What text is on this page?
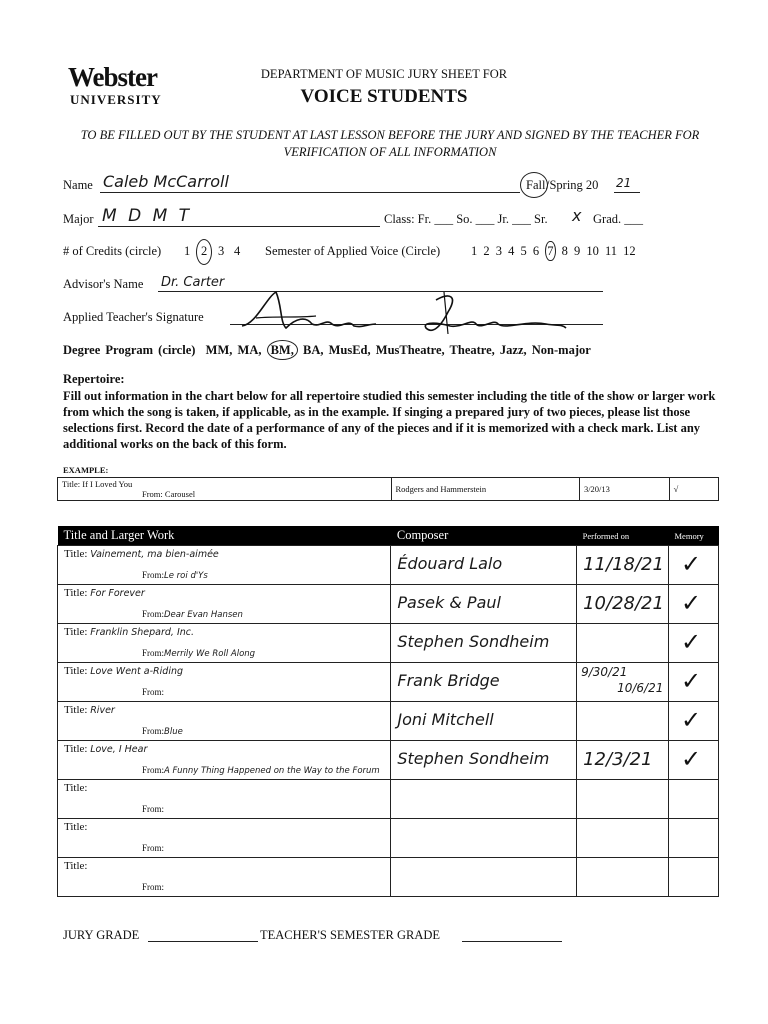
Webster
UNIVERSITY
DEPARTMENT OF MUSIC JURY SHEET FOR
VOICE STUDENTS
TO BE FILLED OUT BY THE STUDENT AT LAST LESSON BEFORE THE JURY AND SIGNED BY THE TEACHER FOR VERIFICATION OF ALL INFORMATION
Name Caleb McCarroll	Fall /Spring 20 21
Major M D M T	Class: Fr. ___ So. ___ Jr. ___ Sr. x Grad. ___
# of Credits (circle) 1 2 3 4 Semester of Applied Voice (Circle) 1 2 3 4 5 6 7 8 9 10 11 12
Advisor's Name Dr. Carter
Applied Teacher's Signature
Degree Program (circle) MM, MA, BM, BA, MusEd, MusTheatre, Theatre, Jazz, Non-major
Repertoire:
Fill out information in the chart below for all repertoire studied this semester including the title of the show or larger work from which the song is taken, if applicable, as in the example. If singing a prepared jury of two pieces, please list those selections first. Record the date of a performance of any of the pieces and if it is memorized with a check mark. List any additional works on the back of this form.
EXAMPLE:
Title: If I Loved You
From: Carousel	Rodgers and Hammerstein	3/20/13	√
Title and Larger Work	Composer	Performed on	Memory

Title: Vainement, ma bien-aimée
From:Le roi d'Ys	Édouard Lalo	11/18/21	✓

Title: For Forever
From:Dear Evan Hansen	Pasek & Paul	10/28/21	✓

Title: Franklin Shepard, Inc.
From:Merrily We Roll Along	Stephen Sondheim		✓

Title: Love Went a-Riding
From:	Frank Bridge	9/30/21
10/6/21	✓

Title: River
From:Blue	Joni Mitchell		✓

Title: Love, I Hear
From:A Funny Thing Happened on the Way to the Forum	Stephen Sondheim	12/3/21	✓

Title:
From:			

Title:
From:			

Title:
From:			

JURY GRADE	TEACHER'S SEMESTER GRADE
